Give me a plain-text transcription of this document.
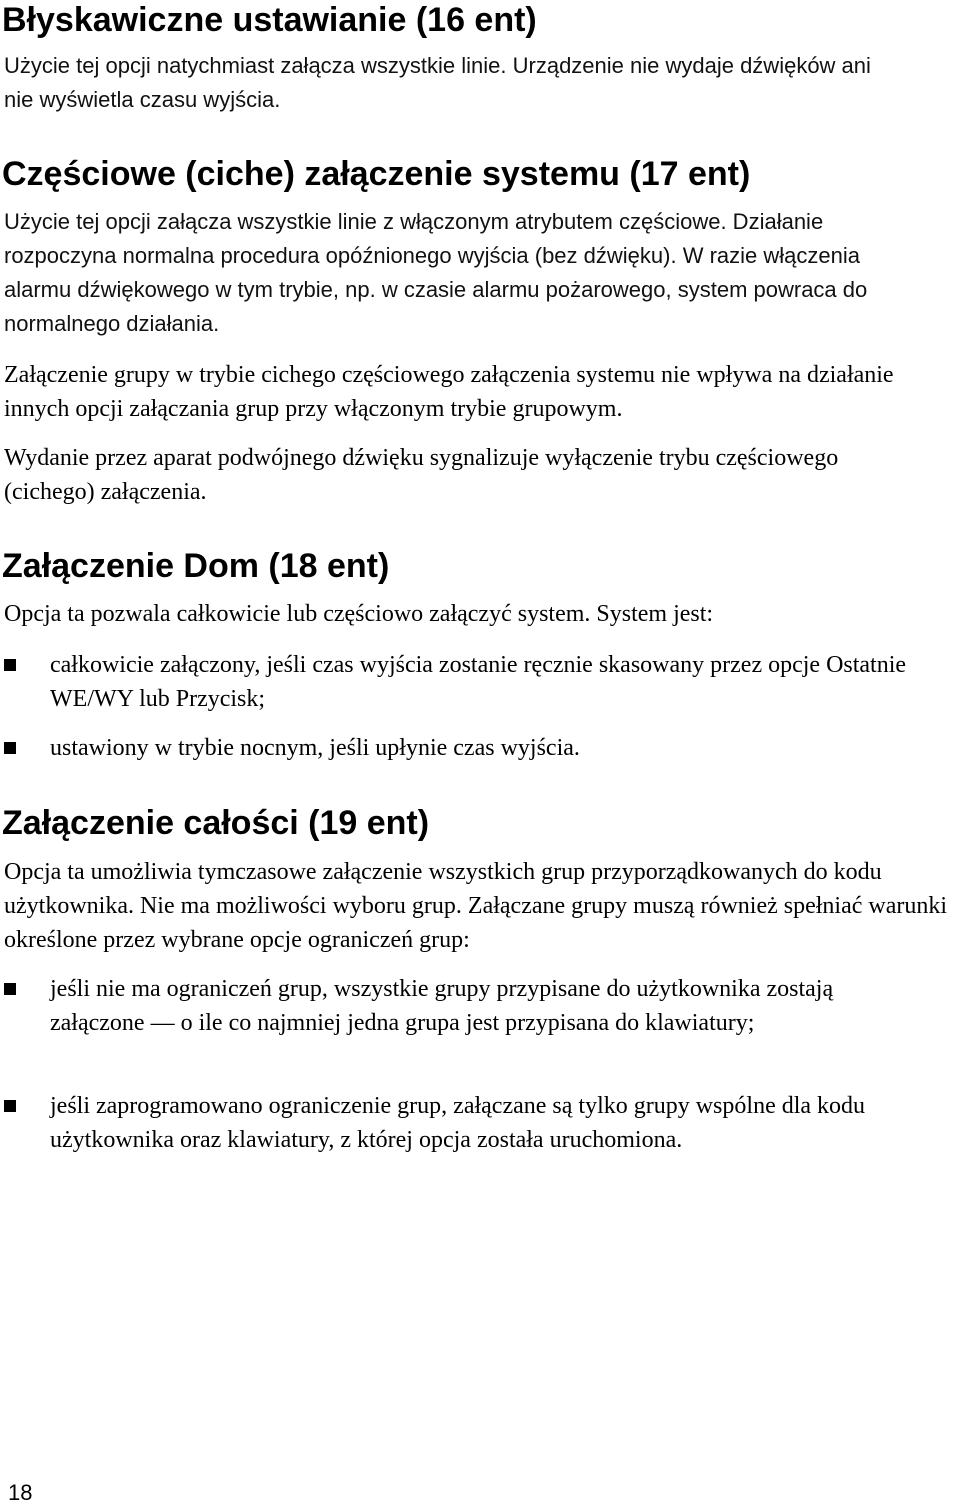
Błyskawiczne ustawianie (16 ent)

Użycie tej opcji natychmiast załącza wszystkie linie. Urządzenie nie wydaje dźwięków ani nie wyświetla czasu wyjścia.

Częściowe (ciche) załączenie systemu (17 ent)

Użycie tej opcji załącza wszystkie linie z włączonym atrybutem częściowe. Działanie rozpoczyna normalna procedura opóźnionego wyjścia (bez dźwięku). W razie włączenia alarmu dźwiękowego w tym trybie, np. w czasie alarmu pożarowego, system powraca do normalnego działania.

Załączenie grupy w trybie cichego częściowego załączenia systemu nie wpływa na działanie innych opcji załączania grup przy włączonym trybie grupowym.

Wydanie przez aparat podwójnego dźwięku sygnalizuje wyłączenie trybu częściowego (cichego) załączenia.

Załączenie Dom (18 ent)

Opcja ta pozwala całkowicie lub częściowo załączyć system. System jest:

całkowicie załączony, jeśli czas wyjścia zostanie ręcznie skasowany przez opcje Ostatnie WE/WY lub Przycisk;

ustawiony w trybie nocnym, jeśli upłynie czas wyjścia.

Załączenie całości (19 ent)

Opcja ta umożliwia tymczasowe załączenie wszystkich grup przyporządkowanych do kodu użytkownika. Nie ma możliwości wyboru grup. Załączane grupy muszą również spełniać warunki określone przez wybrane opcje ograniczeń grup:

jeśli nie ma ograniczeń grup, wszystkie grupy przypisane do użytkownika zostają załączone — o ile co najmniej jedna grupa jest przypisana do klawiatury;

jeśli zaprogramowano ograniczenie grup, załączane są tylko grupy wspólne dla kodu użytkownika oraz klawiatury, z której opcja została uruchomiona.

18
